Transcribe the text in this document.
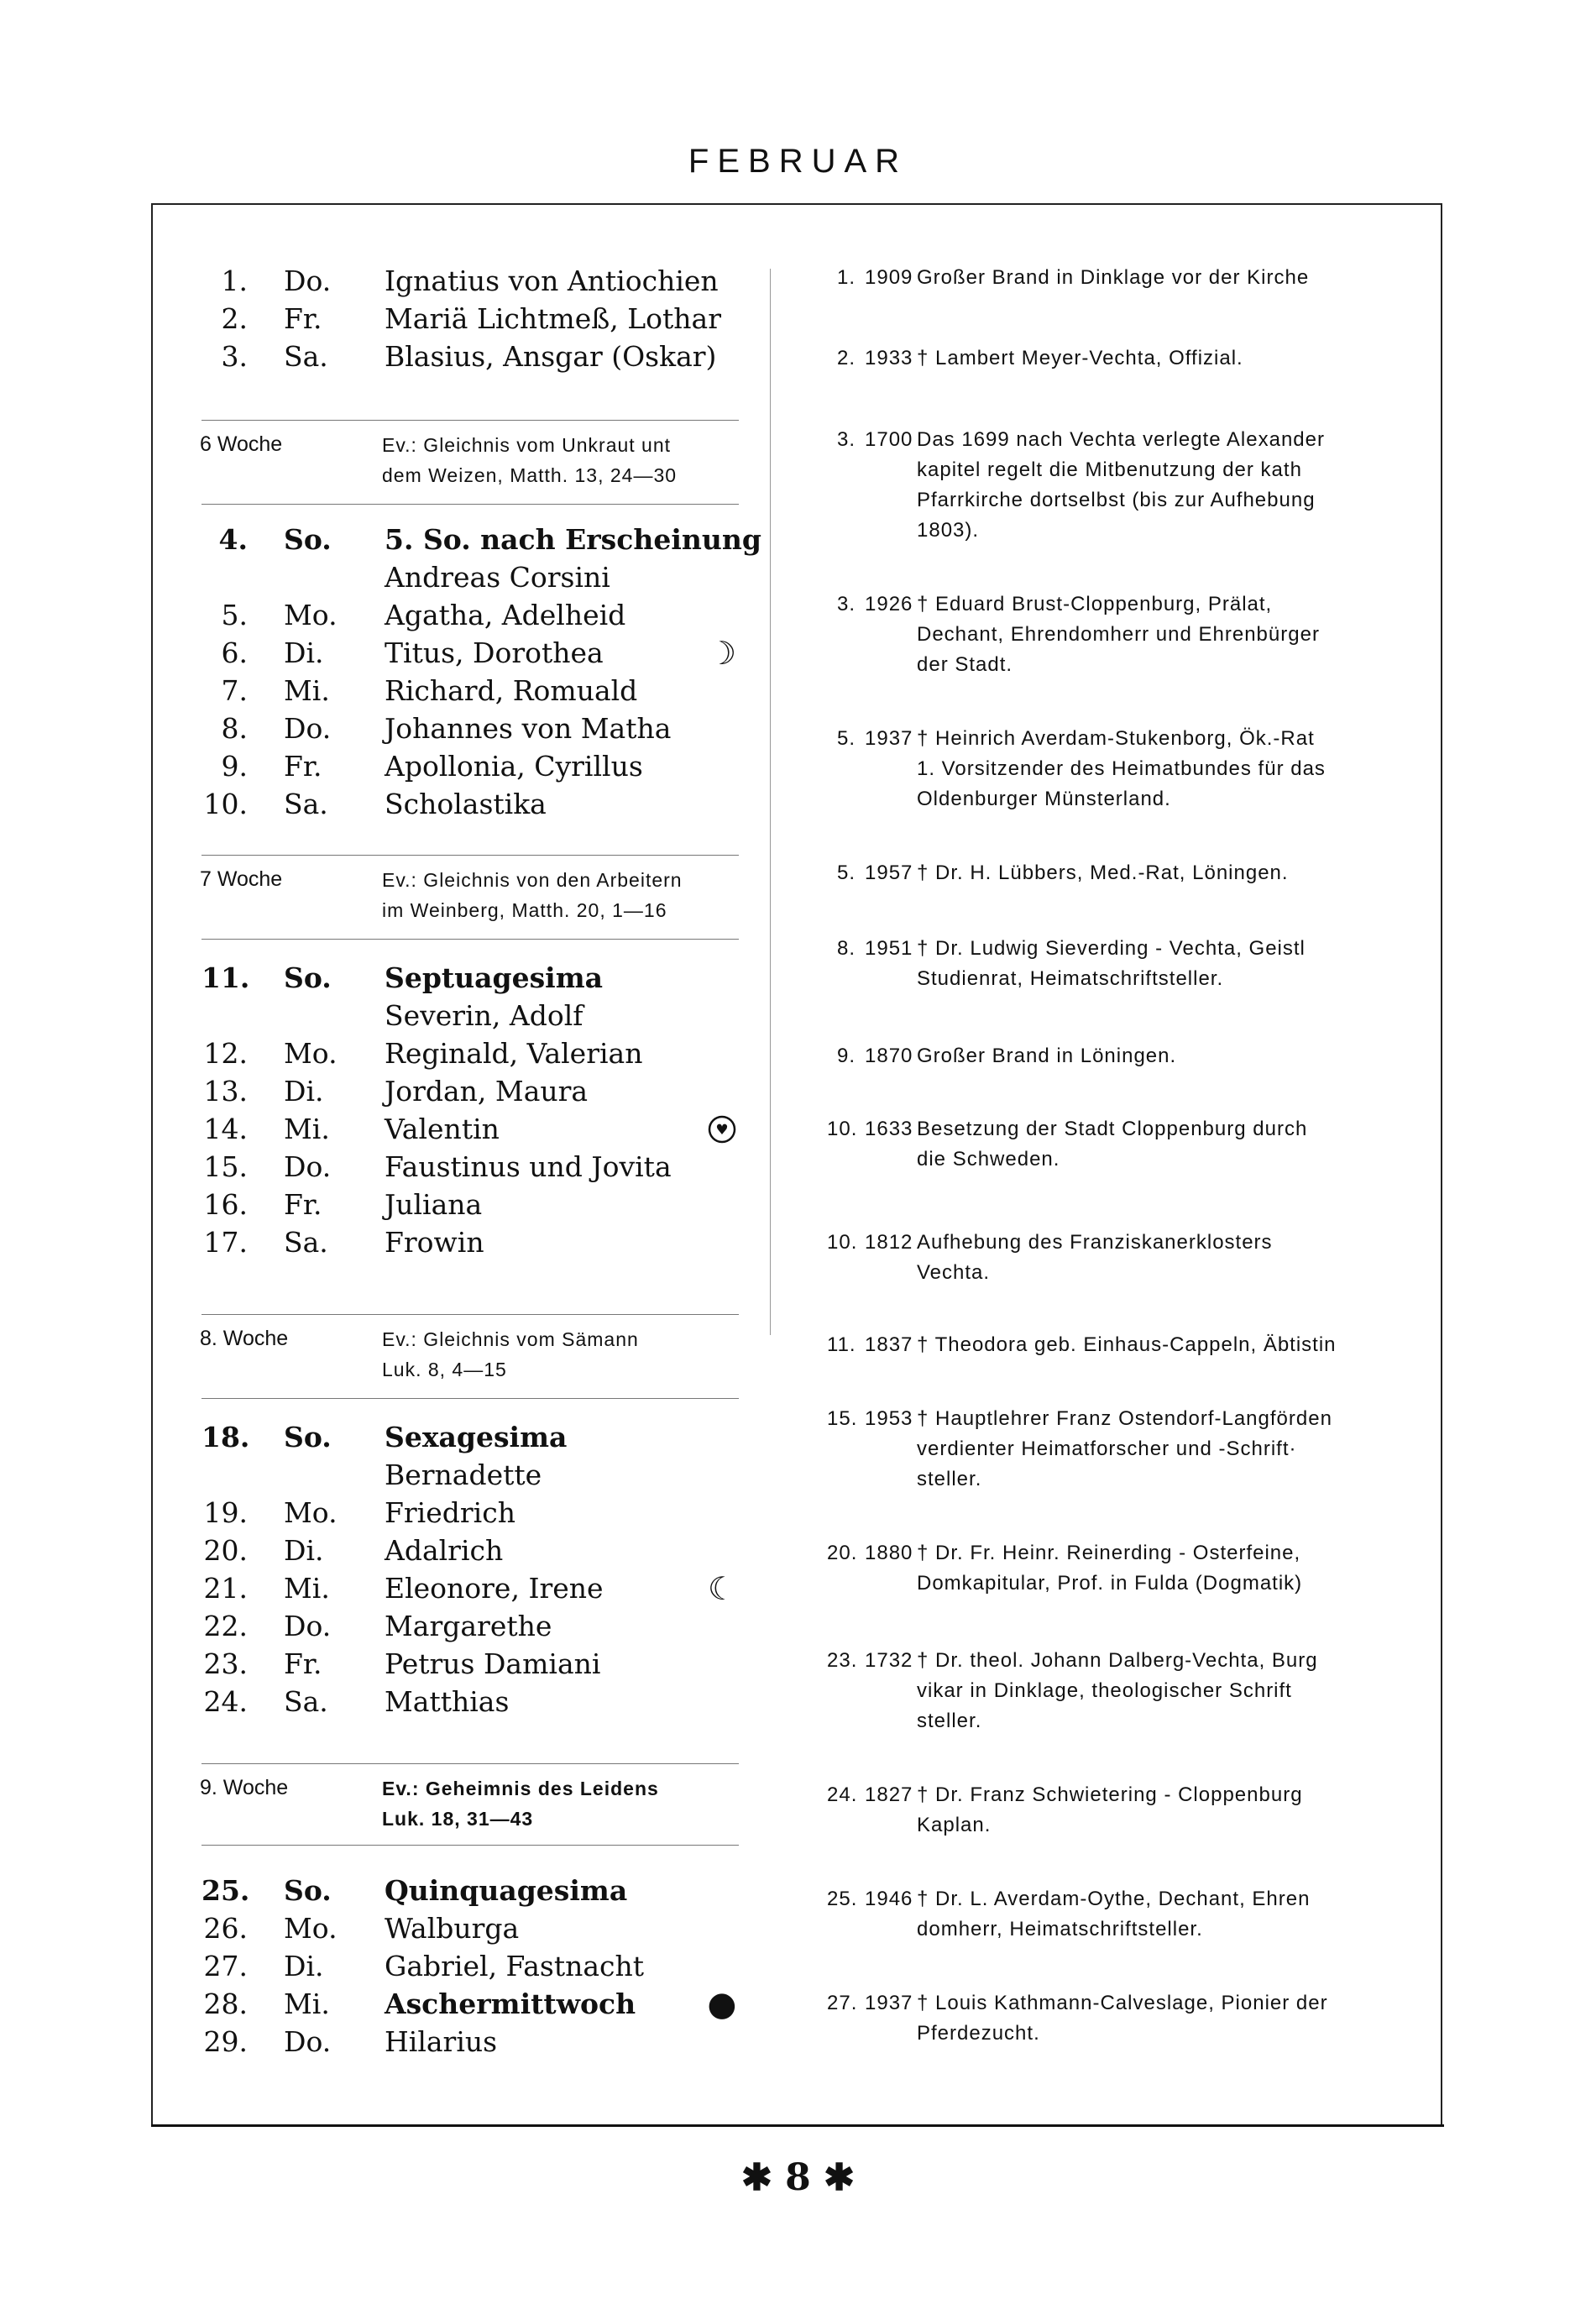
FEBRUAR
1. Do. Ignatius von Antiochien
2. Fr. Mariä Lichtmeß, Lothar
3. Sa. Blasius, Ansgar (Oskar)
6 Woche	Ev.: Gleichnis vom Unkraut unt
dem Weizen, Matth. 13, 24—30
4. So. 5. So. nach Erscheinung
Andreas Corsini
5. Mo. Agatha, Adelheid
6. Di. Titus, Dorothea	☽
7. Mi. Richard, Romuald
8. Do. Johannes von Matha
9. Fr. Apollonia, Cyrillus
10. Sa. Scholastika
7 Woche	Ev.: Gleichnis von den Arbeitern
im Weinberg, Matth. 20, 1—16
11. So. Septuagesima
Severin, Adolf
12. Mo. Reginald, Valerian
13. Di. Jordan, Maura
14. Mi. Valentin	♥
15. Do. Faustinus und Jovita
16. Fr. Juliana
17. Sa. Frowin
8. Woche	Ev.: Gleichnis vom Sämann
Luk. 8, 4—15
18. So. Sexagesima
Bernadette
19. Mo. Friedrich
20. Di. Adalrich
21. Mi. Eleonore, Irene	☾
22. Do. Margarethe
23. Fr. Petrus Damiani
24. Sa. Matthias
9. Woche	Ev.: Geheimnis des Leidens
Luk. 18, 31—43
25. So. Quinquagesima
26. Mo. Walburga
27. Di. Gabriel, Fastnacht
28. Mi. Aschermittwoch ●
29. Do. Hilarius
1. 1909 Großer Brand in Dinklage vor der Kirche
2. 1933 † Lambert Meyer-Vechta, Offizial.
3. 1700 Das 1699 nach Vechta verlegte Alexander
kapitel regelt die Mitbenutzung der kath
Pfarrkirche dortselbst (bis zur Aufhebung
1803).
3. 1926 † Eduard Brust-Cloppenburg, Prälat,
Dechant, Ehrendomherr und Ehrenbürger
der Stadt.
5. 1937 † Heinrich Averdam-Stukenborg, Ök.-Rat
1. Vorsitzender des Heimatbundes für das
Oldenburger Münsterland.
5. 1957 † Dr. H. Lübbers, Med.-Rat, Löningen.
8. 1951 † Dr. Ludwig Sieverding - Vechta, Geistl
Studienrat, Heimatschriftsteller.
9. 1870 Großer Brand in Löningen.
10. 1633 Besetzung der Stadt Cloppenburg durch
die Schweden.
10. 1812 Aufhebung des Franziskanerklosters
Vechta.
11. 1837 † Theodora geb. Einhaus-Cappeln, Äbtistin
15. 1953 † Hauptlehrer Franz Ostendorf-Langförden
verdienter Heimatforscher und -Schrift·
steller.
20. 1880 † Dr. Fr. Heinr. Reinerding - Osterfeine,
Domkapitular, Prof. in Fulda (Dogmatik)
23. 1732 † Dr. theol. Johann Dalberg-Vechta, Burg
vikar in Dinklage, theologischer Schrift
steller.
24. 1827 † Dr. Franz Schwietering - Cloppenburg
Kaplan.
25. 1946 † Dr. L. Averdam-Oythe, Dechant, Ehren
domherr, Heimatschriftsteller.
27. 1937 † Louis Kathmann-Calveslage, Pionier der
Pferdezucht.
✱ 8 ✱
